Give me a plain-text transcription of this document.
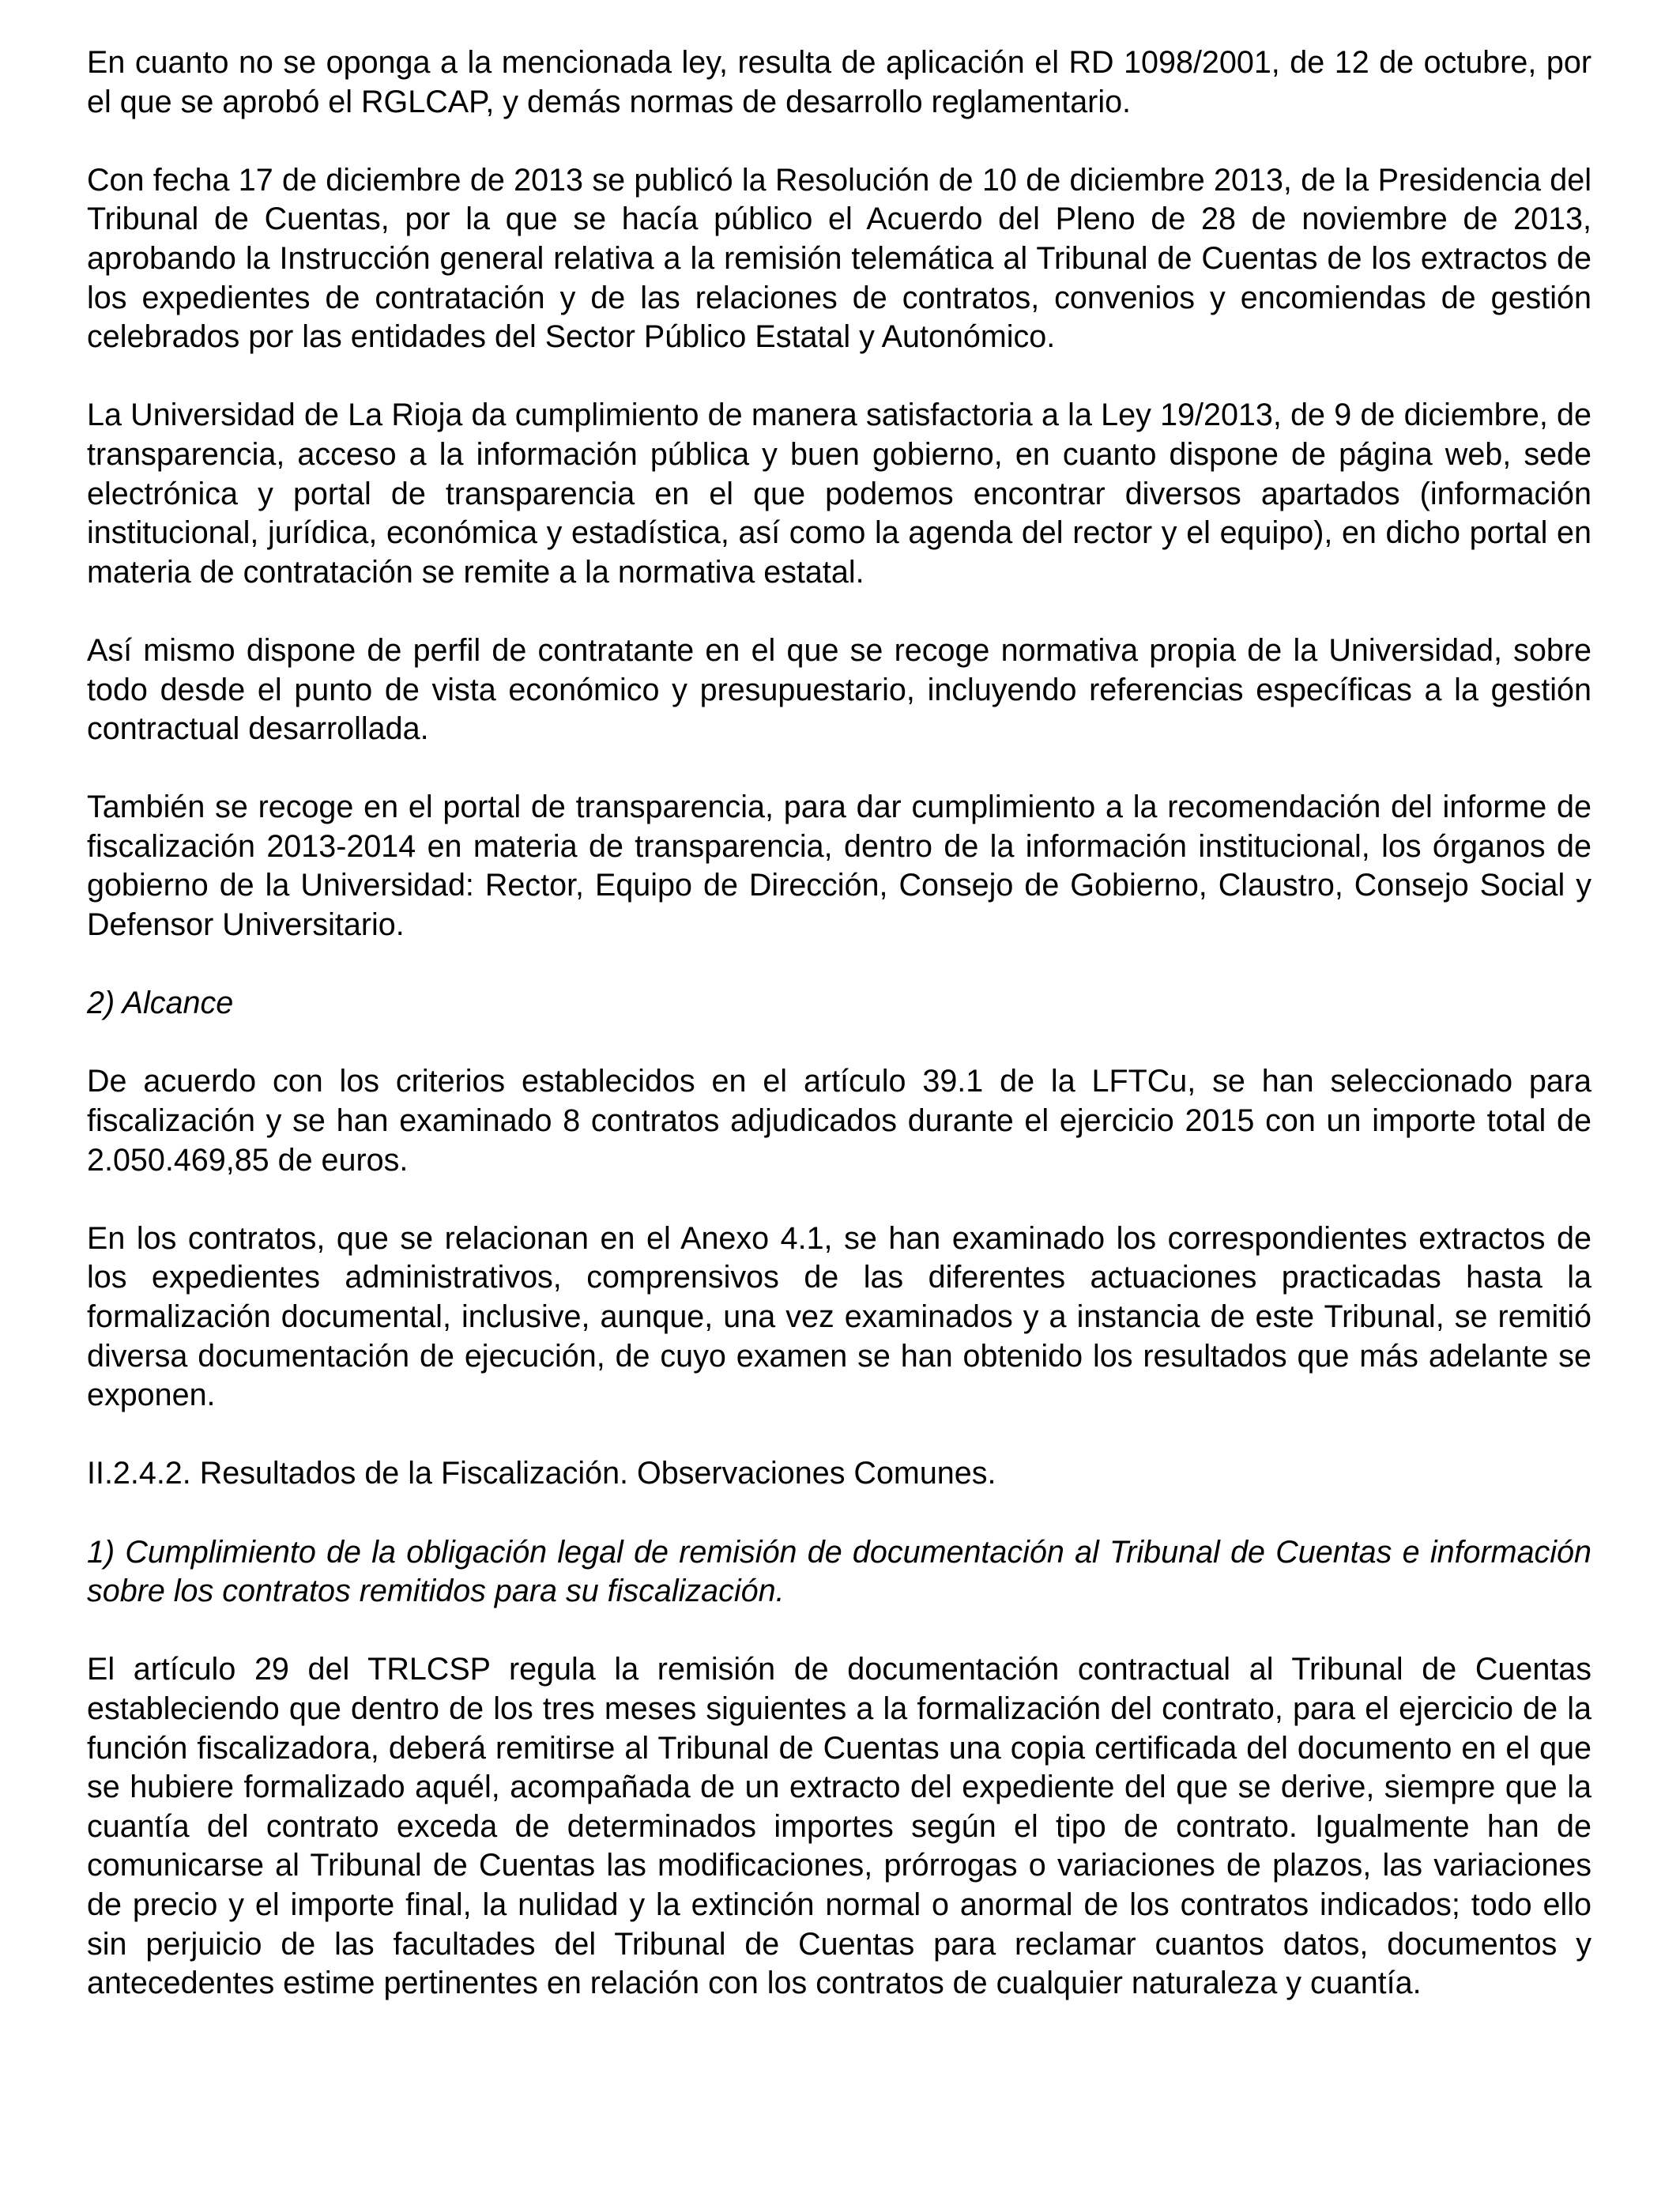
En cuanto no se oponga a la mencionada ley, resulta de aplicación el RD 1098/2001, de 12 de octubre, por el que se aprobó el RGLCAP, y demás normas de desarrollo reglamentario.

Con fecha 17 de diciembre de 2013 se publicó la Resolución de 10 de diciembre 2013, de la Presidencia del Tribunal de Cuentas, por la que se hacía público el Acuerdo del Pleno de 28 de noviembre de 2013, aprobando la Instrucción general relativa a la remisión telemática al Tribunal de Cuentas de los extractos de los expedientes de contratación y de las relaciones de contratos, convenios y encomiendas de gestión celebrados por las entidades del Sector Público Estatal y Autonómico.

La Universidad de La Rioja da cumplimiento de manera satisfactoria a la Ley 19/2013, de 9 de diciembre, de transparencia, acceso a la información pública y buen gobierno, en cuanto dispone de página web, sede electrónica y portal de transparencia en el que podemos encontrar diversos apartados (información institucional, jurídica, económica y estadística, así como la agenda del rector y el equipo), en dicho portal en materia de contratación se remite a la normativa estatal.

Así mismo dispone de perfil de contratante en el que se recoge normativa propia de la Universidad, sobre todo desde el punto de vista económico y presupuestario, incluyendo referencias específicas a la gestión contractual desarrollada.

También se recoge en el portal de transparencia, para dar cumplimiento a la recomendación del informe de fiscalización 2013-2014 en materia de transparencia, dentro de la información institucional, los órganos de gobierno de la Universidad: Rector, Equipo de Dirección, Consejo de Gobierno, Claustro, Consejo Social y Defensor Universitario.

2) Alcance

De acuerdo con los criterios establecidos en el artículo 39.1 de la LFTCu, se han seleccionado para fiscalización y se han examinado 8 contratos adjudicados durante el ejercicio 2015 con un importe total de 2.050.469,85 de euros.

En los contratos, que se relacionan en el Anexo 4.1, se han examinado los correspondientes extractos de los expedientes administrativos, comprensivos de las diferentes actuaciones practicadas hasta la formalización documental, inclusive, aunque, una vez examinados y a instancia de este Tribunal, se remitió diversa documentación de ejecución, de cuyo examen se han obtenido los resultados que más adelante se exponen.

II.2.4.2. Resultados de la Fiscalización. Observaciones Comunes.

1) Cumplimiento de la obligación legal de remisión de documentación al Tribunal de Cuentas e información sobre los contratos remitidos para su fiscalización.

El artículo 29 del TRLCSP regula la remisión de documentación contractual al Tribunal de Cuentas estableciendo que dentro de los tres meses siguientes a la formalización del contrato, para el ejercicio de la función fiscalizadora, deberá remitirse al Tribunal de Cuentas una copia certificada del documento en el que se hubiere formalizado aquél, acompañada de un extracto del expediente del que se derive, siempre que la cuantía del contrato exceda de determinados importes según el tipo de contrato. Igualmente han de comunicarse al Tribunal de Cuentas las modificaciones, prórrogas o variaciones de plazos, las variaciones de precio y el importe final, la nulidad y la extinción normal o anormal de los contratos indicados; todo ello sin perjuicio de las facultades del Tribunal de Cuentas para reclamar cuantos datos, documentos y antecedentes estime pertinentes en relación con los contratos de cualquier naturaleza y cuantía.
